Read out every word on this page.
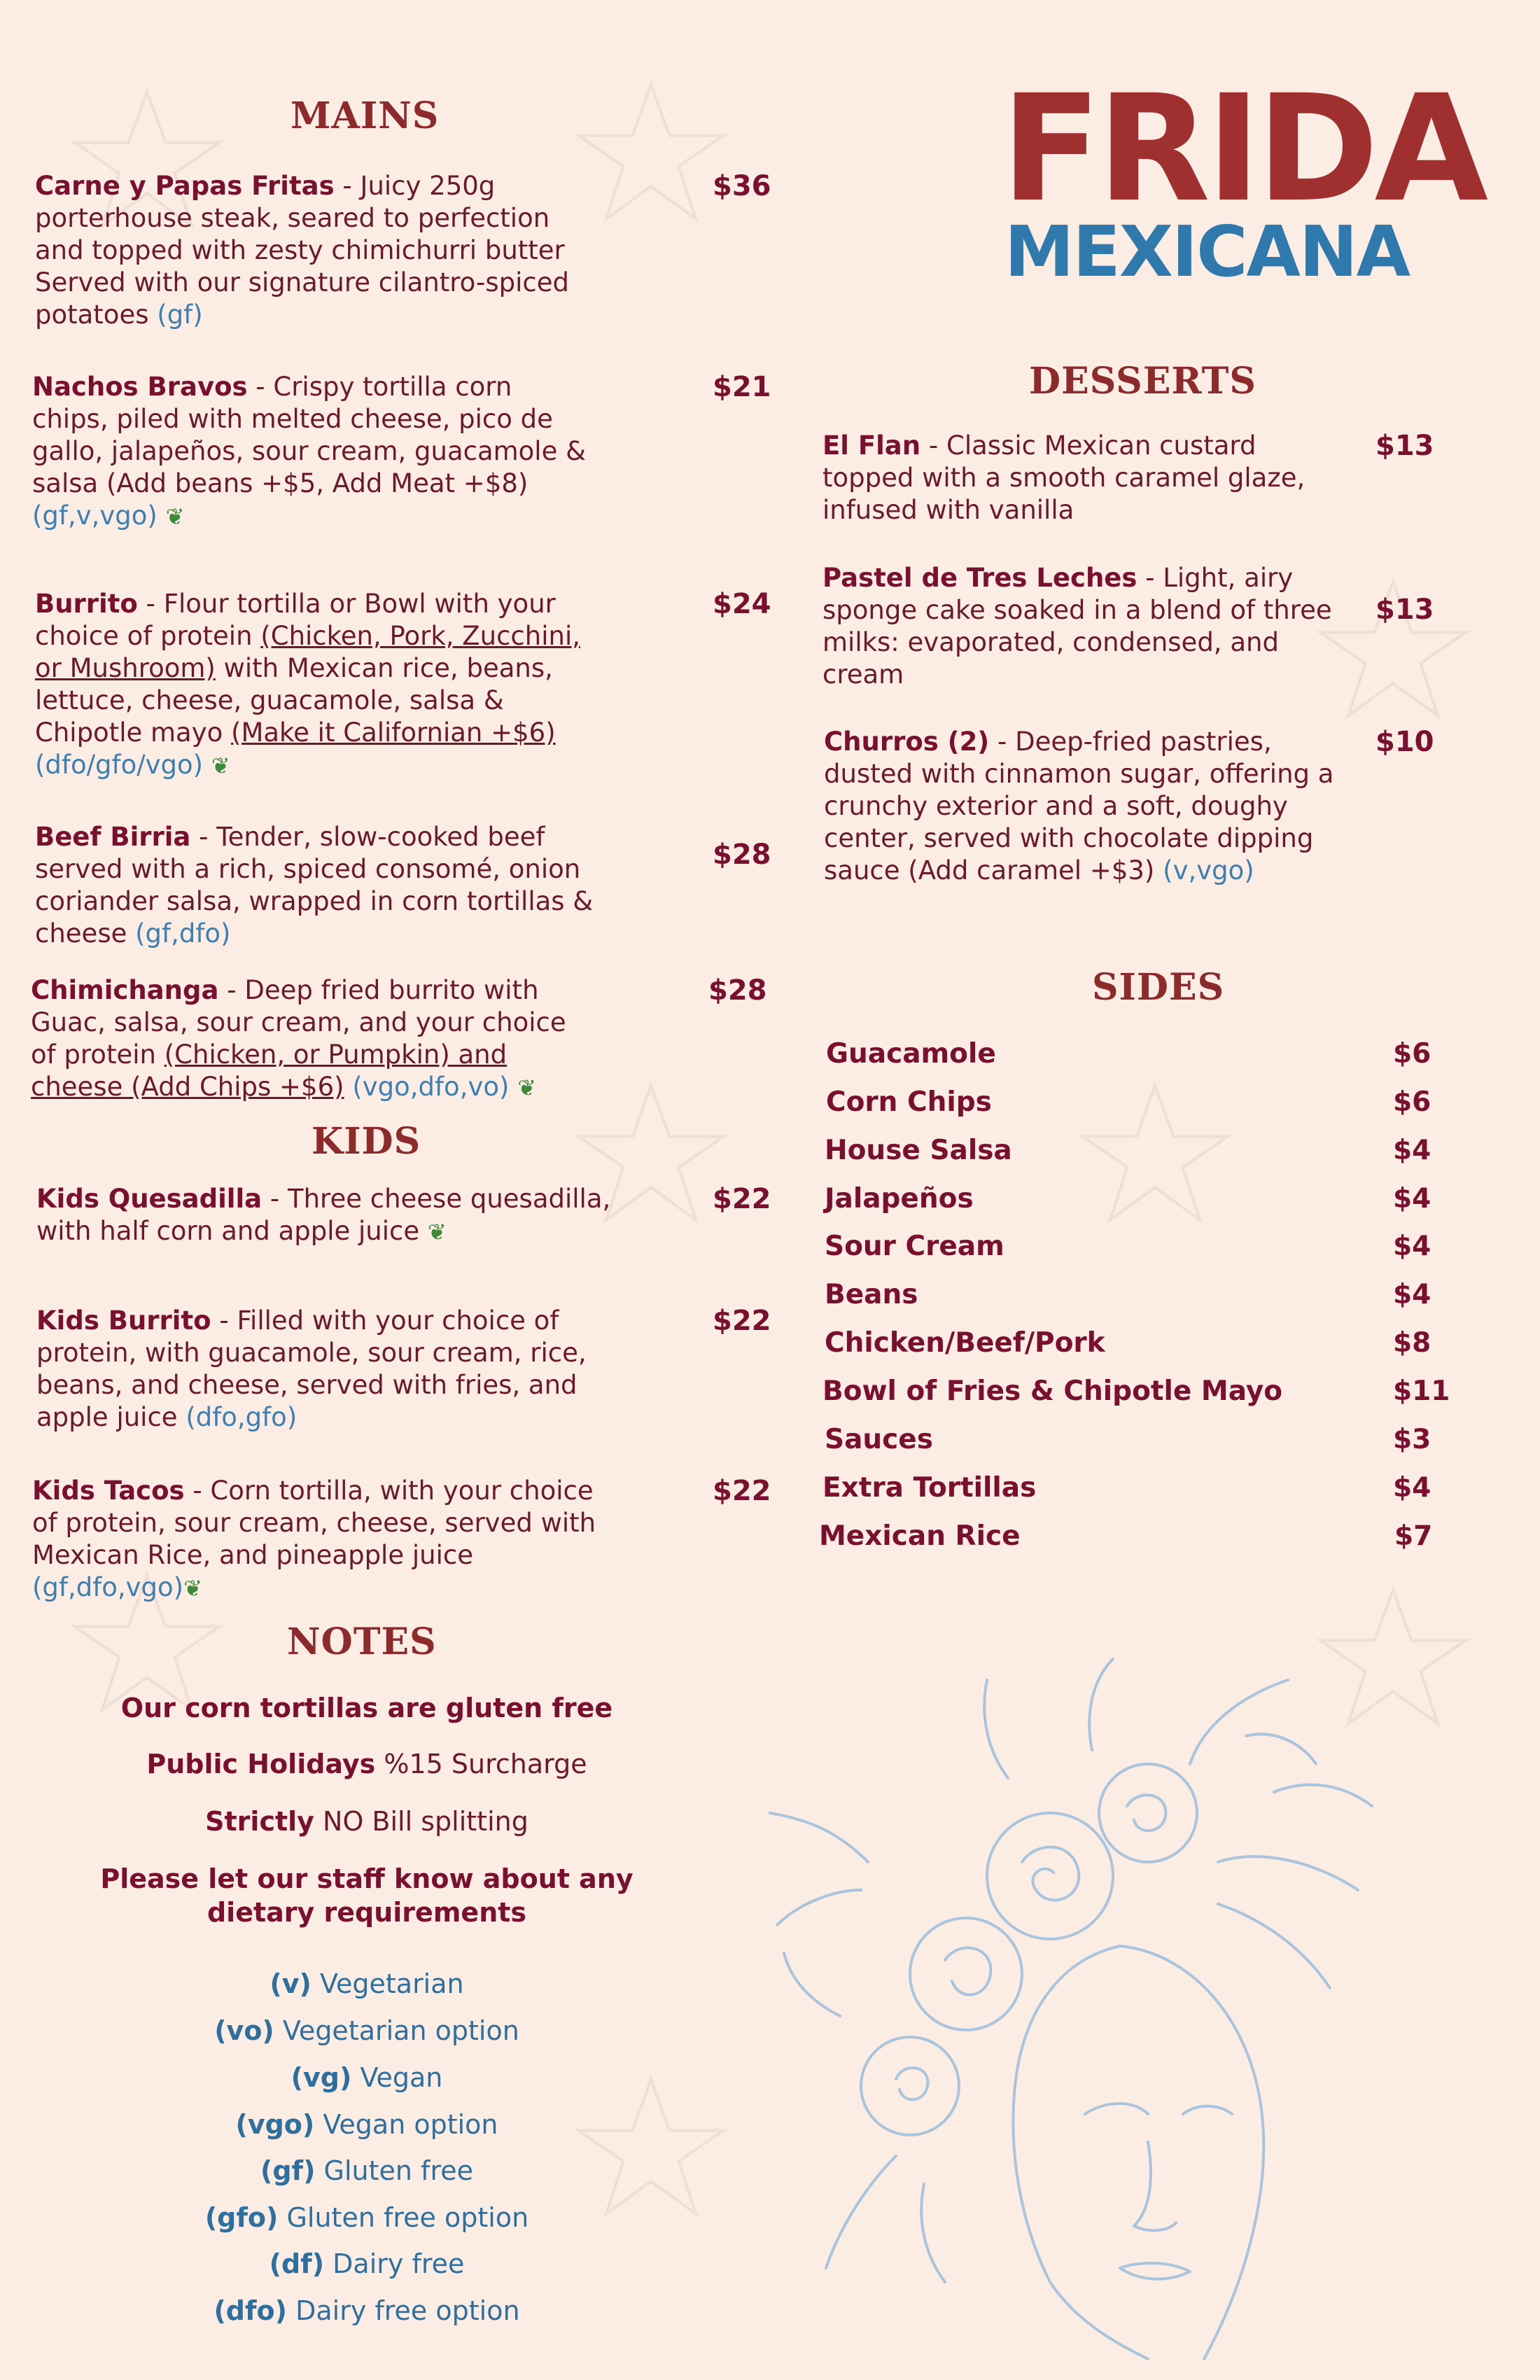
FRIDA
MEXICANA
MAINS
Carne y Papas Fritas - Juicy 250g porterhouse steak, seared to perfection and topped with zesty chimichurri butter Served with our signature cilantro-spiced potatoes (gf)
$36
Nachos Bravos - Crispy tortilla corn chips, piled with melted cheese, pico de gallo, jalapeños, sour cream, guacamole & salsa (Add beans +$5, Add Meat +$8)
(gf,v,vgo) ❦
$21
Burrito - Flour tortilla or Bowl with your choice of protein (Chicken, Pork, Zucchini, or Mushroom) with Mexican rice, beans, lettuce, cheese, guacamole, salsa & Chipotle mayo (Make it Californian +$6) (dfo/gfo/vgo) ❦
$24
Beef Birria - Tender, slow-cooked beef served with a rich, spiced consomé, onion coriander salsa, wrapped in corn tortillas & cheese (gf,dfo)
$28
Chimichanga - Deep fried burrito with Guac, salsa, sour cream, and your choice of protein (Chicken, or Pumpkin) and cheese (Add Chips +$6) (vgo,dfo,vo) ❦
$28
KIDS
Kids Quesadilla - Three cheese quesadilla, with half corn and apple juice ❦
$22
Kids Burrito - Filled with your choice of protein, with guacamole, sour cream, rice, beans, and cheese, served with fries, and apple juice (dfo,gfo)
$22
Kids Tacos - Corn tortilla, with your choice of protein, sour cream, cheese, served with Mexican Rice, and pineapple juice (gf,dfo,vgo)❦
$22
NOTES
Our corn tortillas are gluten free
Public Holidays %15 Surcharge
Strictly NO Bill splitting
Please let our staff know about any dietary requirements
(v) Vegetarian
(vo) Vegetarian option
(vg) Vegan
(vgo) Vegan option
(gf) Gluten free
(gfo) Gluten free option
(df) Dairy free
(dfo) Dairy free option
DESSERTS
El Flan - Classic Mexican custard topped with a smooth caramel glaze, infused with vanilla
$13
Pastel de Tres Leches - Light, airy sponge cake soaked in a blend of three milks: evaporated, condensed, and cream
$13
Churros (2) - Deep-fried pastries, dusted with cinnamon sugar, offering a crunchy exterior and a soft, doughy center, served with chocolate dipping sauce (Add caramel +$3) (v,vgo)
$10
SIDES
Guacamole	$6
Corn Chips	$6
House Salsa	$4
Jalapeños	$4
Sour Cream	$4
Beans	$4
Chicken/Beef/Pork	$8
Bowl of Fries & Chipotle Mayo	$11
Sauces	$3
Extra Tortillas	$4
Mexican Rice	$7
